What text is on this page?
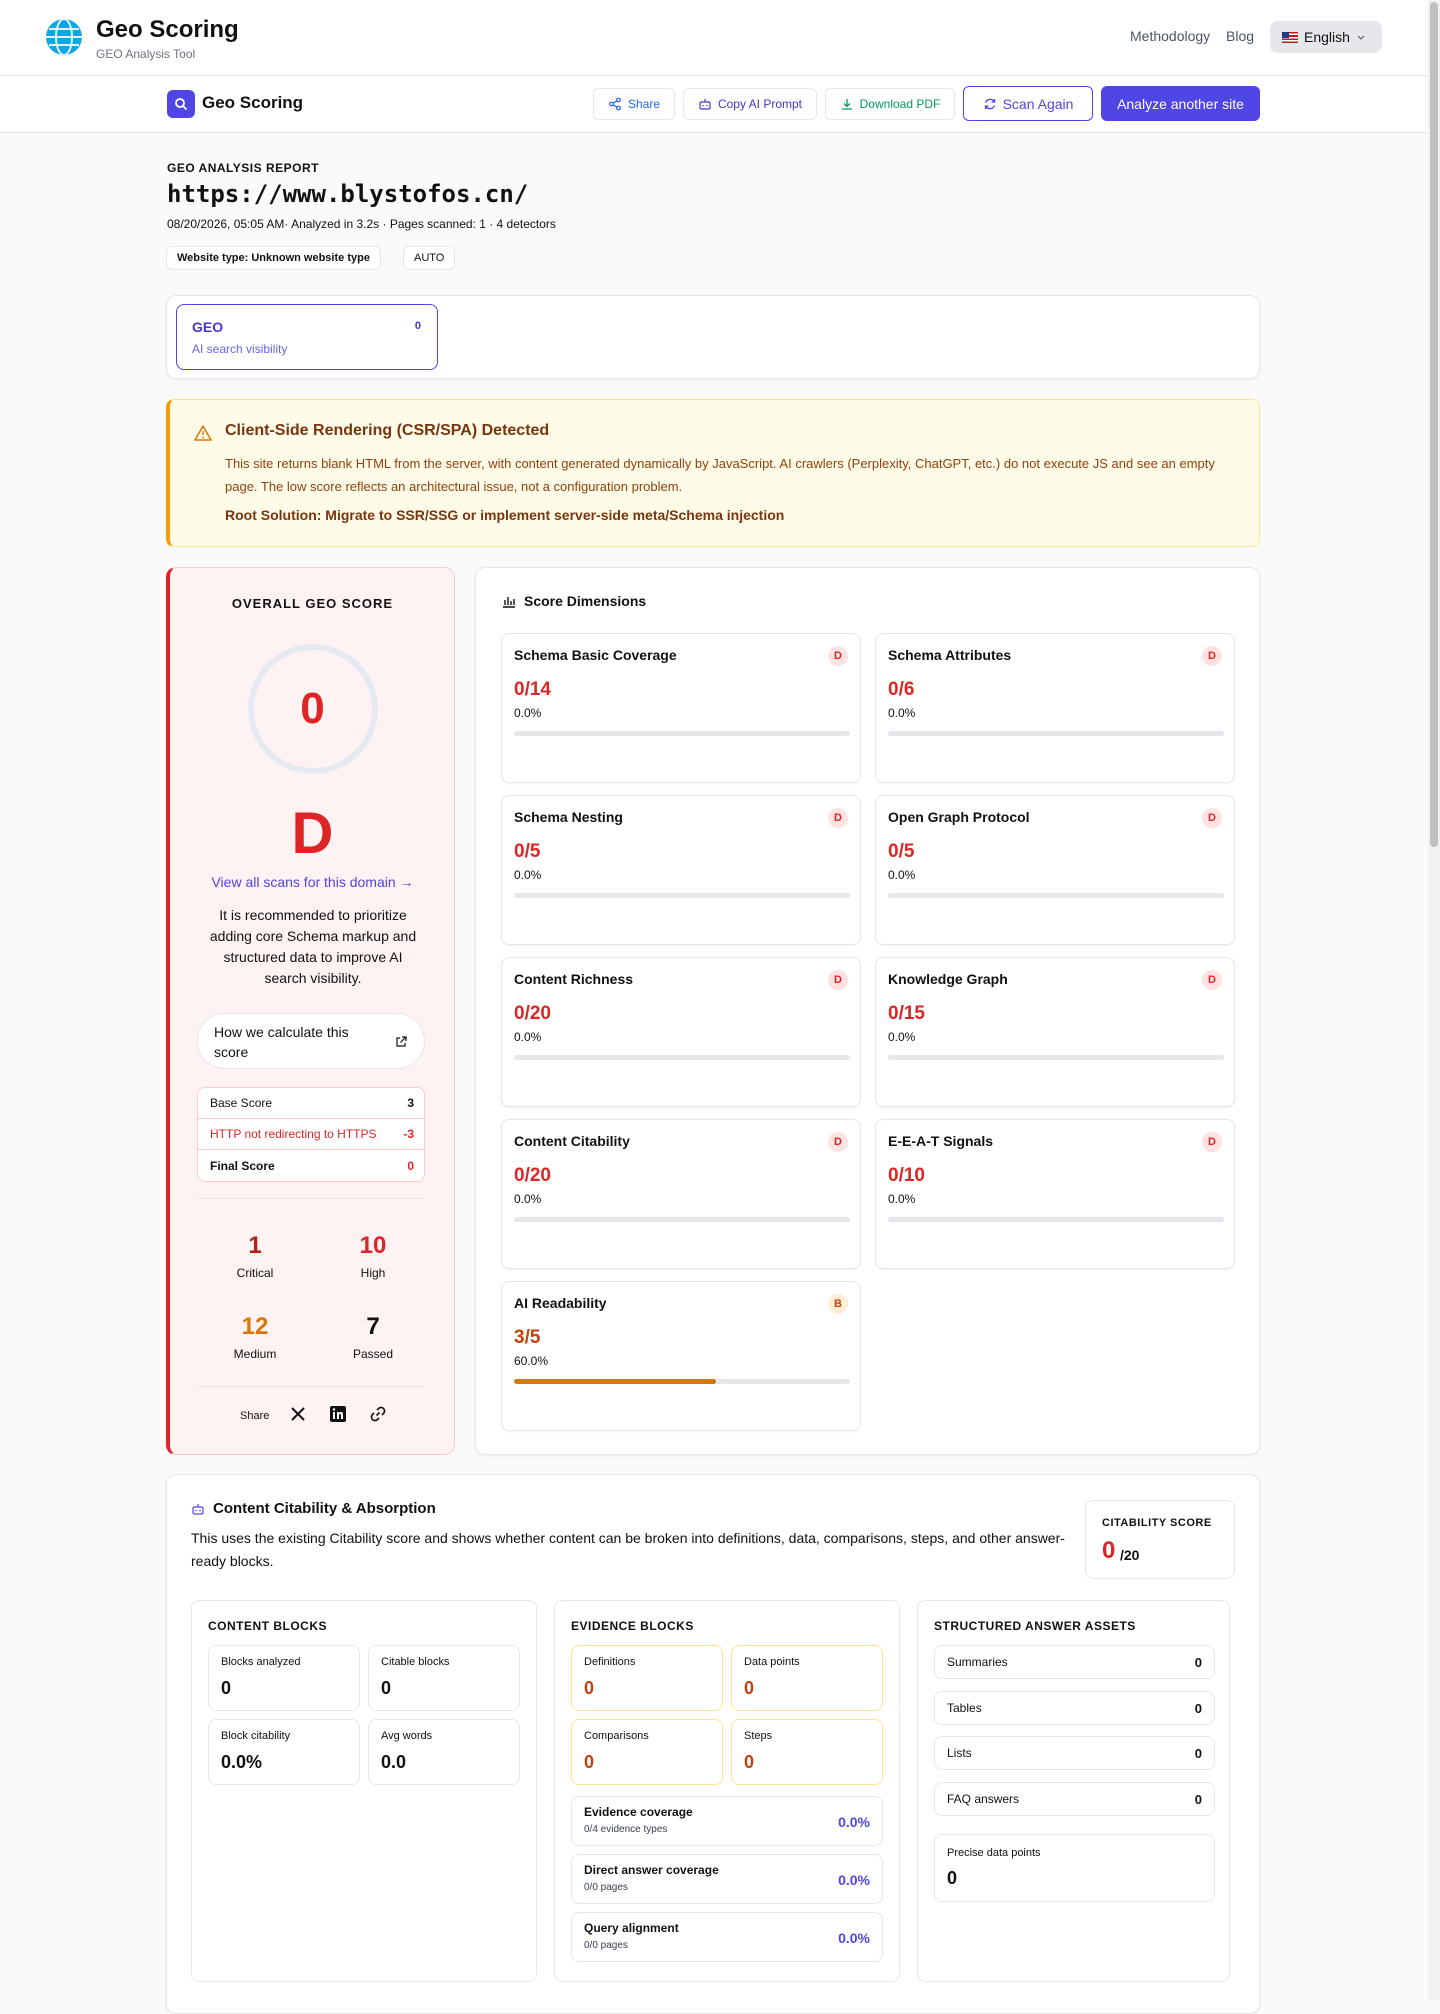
Geo Scoring
GEO Analysis Tool
Methodology Blog	English
Geo Scoring	Share	Copy AI Prompt	Download PDF	Scan Again	Analyze another site
GEO ANALYSIS REPORT
https://www.blystofos.cn/
08/20/2026, 05:05 AM· Analyzed in 3.2s · Pages scanned: 1 · 4 detectors
Website type: Unknown website type	AUTO
GEO
AI search visibility
0
Client-Side Rendering (CSR/SPA) Detected
This site returns blank HTML from the server, with content generated dynamically by JavaScript. AI crawlers (Perplexity, ChatGPT, etc.) do not execute JS and see an empty page. The low score reflects an architectural issue, not a configuration problem.
Root Solution: Migrate to SSR/SSG or implement server-side meta/Schema injection
OVERALL GEO SCORE
0
D
View all scans for this domain →
It is recommended to prioritize adding core Schema markup and structured data to improve AI search visibility.
How we calculate this score
Base Score	3
HTTP not redirecting to HTTPS -3
Final Score	0
1
Critical
10
High
12
Medium
7
Passed
Share
Score Dimensions
Schema Basic Coverage	D
0/14
0.0%
Schema Attributes	D
0/6
0.0%
Schema Nesting	D
0/5
0.0%
Open Graph Protocol	D
0/5
0.0%
Content Richness	D
0/20
0.0%
Knowledge Graph	D
0/15
0.0%
Content Citability	D
0/20
0.0%
E-E-A-T Signals	D
0/10
0.0%
AI Readability	B
3/5
60.0%
Content Citability & Absorption
This uses the existing Citability score and shows whether content can be broken into definitions, data, comparisons, steps, and other answer-ready blocks.
CITABILITY SCORE
0 /20
CONTENT BLOCKS
Blocks analyzed
0
Citable blocks
0
Block citability
0.0%
Avg words
0.0
EVIDENCE BLOCKS
Definitions
0
Data points
0
Comparisons
0
Steps
0
Evidence coverage
0/4 evidence types	0.0%
Direct answer coverage
0/0 pages	0.0%
Query alignment
0/0 pages	0.0%
STRUCTURED ANSWER ASSETS
Summaries	0
Tables	0
Lists	0
FAQ answers	0
Precise data points
0
